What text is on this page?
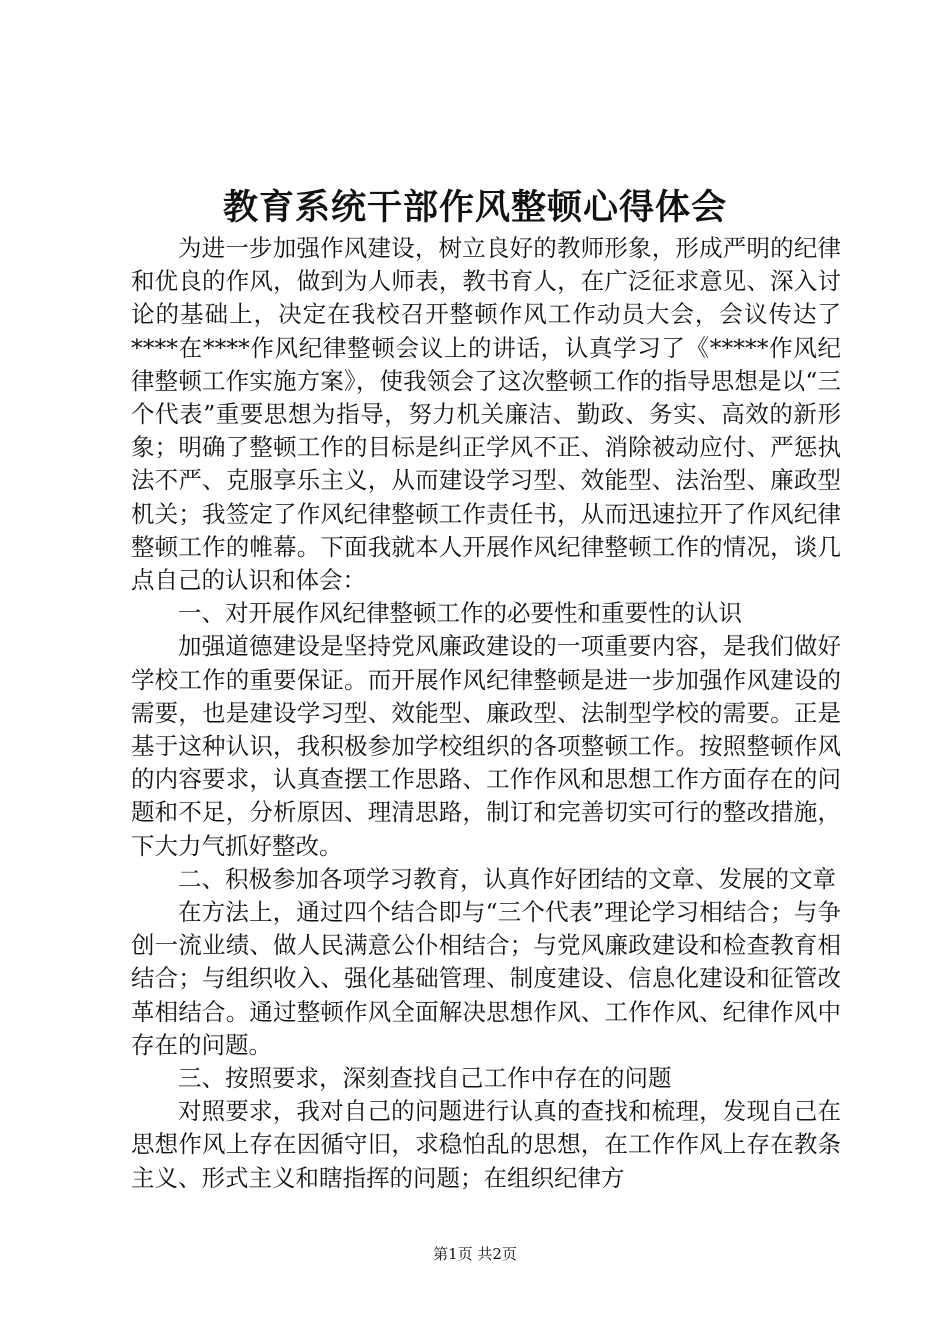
教育系统干部作风整顿心得体会

为进一步加强作风建设，树立良好的教师形象，形成严明的纪律和优良的作风，做到为人师表，教书育人，在广泛征求意见、深入讨论的基础上，决定在我校召开整顿作风工作动员大会，会议传达了****在****作风纪律整顿会议上的讲话，认真学习了《*****作风纪律整顿工作实施方案》，使我领会了这次整顿工作的指导思想是以“三个代表”重要思想为指导，努力机关廉洁、勤政、务实、高效的新形象；明确了整顿工作的目标是纠正学风不正、消除被动应付、严惩执法不严、克服享乐主义，从而建设学习型、效能型、法治型、廉政型机关；我签定了作风纪律整顿工作责任书，从而迅速拉开了作风纪律整顿工作的帷幕。下面我就本人开展作风纪律整顿工作的情况，谈几点自己的认识和体会：

一、对开展作风纪律整顿工作的必要性和重要性的认识

加强道德建设是坚持党风廉政建设的一项重要内容，是我们做好学校工作的重要保证。而开展作风纪律整顿是进一步加强作风建设的需要，也是建设学习型、效能型、廉政型、法制型学校的需要。正是基于这种认识，我积极参加学校组织的各项整顿工作。按照整顿作风的内容要求，认真查摆工作思路、工作作风和思想工作方面存在的问题和不足，分析原因、理清思路，制订和完善切实可行的整改措施，下大力气抓好整改。

二、积极参加各项学习教育，认真作好团结的文章、发展的文章

在方法上，通过四个结合即与“三个代表”理论学习相结合；与争创一流业绩、做人民满意公仆相结合；与党风廉政建设和检查教育相结合；与组织收入、强化基础管理、制度建设、信息化建设和征管改革相结合。通过整顿作风全面解决思想作风、工作作风、纪律作风中存在的问题。

三、按照要求，深刻查找自己工作中存在的问题

对照要求，我对自己的问题进行认真的查找和梳理，发现自己在思想作风上存在因循守旧，求稳怕乱的思想，在工作作风上存在教条主义、形式主义和瞎指挥的问题；在组织纪律方

第1页 共2页
